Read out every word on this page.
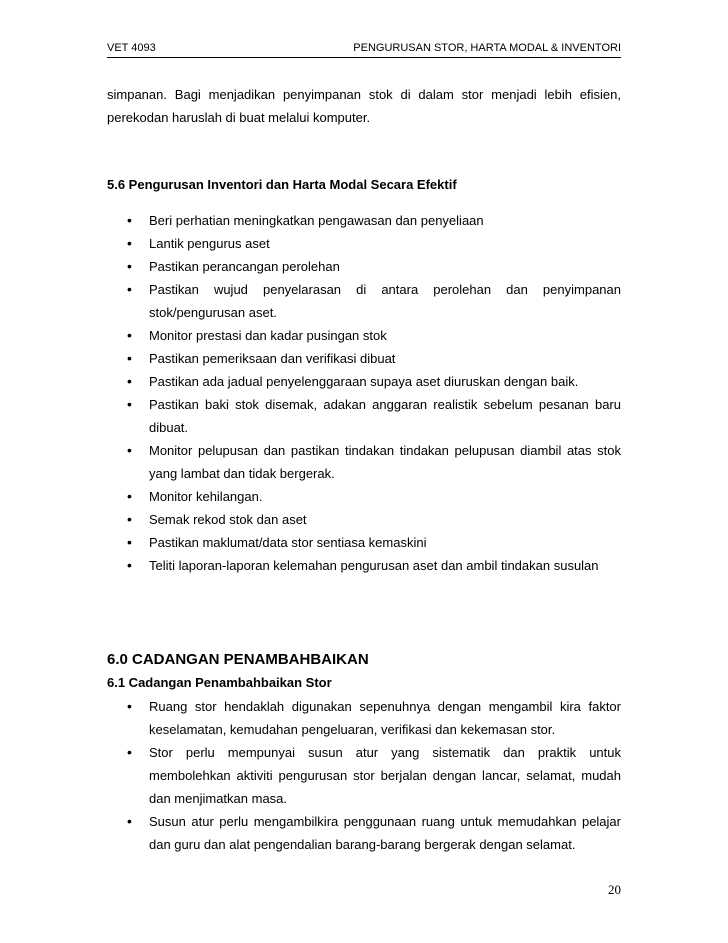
VET 4093	PENGURUSAN STOR, HARTA MODAL & INVENTORI
simpanan. Bagi menjadikan penyimpanan stok di dalam stor menjadi lebih efisien, perekodan haruslah di buat melalui komputer.
5.6 Pengurusan Inventori dan Harta Modal Secara Efektif
• Beri perhatian meningkatkan pengawasan dan penyeliaan
• Lantik pengurus aset
• Pastikan perancangan perolehan
• Pastikan wujud penyelarasan di antara perolehan dan penyimpanan stok/pengurusan aset.
• Monitor prestasi dan kadar pusingan stok
• Pastikan pemeriksaan dan verifikasi dibuat
• Pastikan ada jadual penyelenggaraan supaya aset diuruskan dengan baik.
• Pastikan baki stok disemak, adakan anggaran realistik sebelum pesanan baru dibuat.
• Monitor pelupusan dan pastikan tindakan tindakan pelupusan diambil atas stok yang lambat dan tidak bergerak.
• Monitor kehilangan.
• Semak rekod stok dan aset
• Pastikan maklumat/data stor sentiasa kemaskini
• Teliti laporan-laporan kelemahan pengurusan aset dan ambil tindakan susulan
6.0 CADANGAN PENAMBAHBAIKAN
6.1 Cadangan Penambahbaikan Stor
• Ruang stor hendaklah digunakan sepenuhnya dengan mengambil kira faktor keselamatan, kemudahan pengeluaran, verifikasi dan kekemasan stor.
• Stor perlu mempunyai susun atur yang sistematik dan praktik untuk membolehkan aktiviti pengurusan stor berjalan dengan lancar, selamat, mudah dan menjimatkan masa.
• Susun atur perlu mengambilkira penggunaan ruang untuk memudahkan pelajar dan guru dan alat pengendalian barang-barang bergerak dengan selamat.
20
